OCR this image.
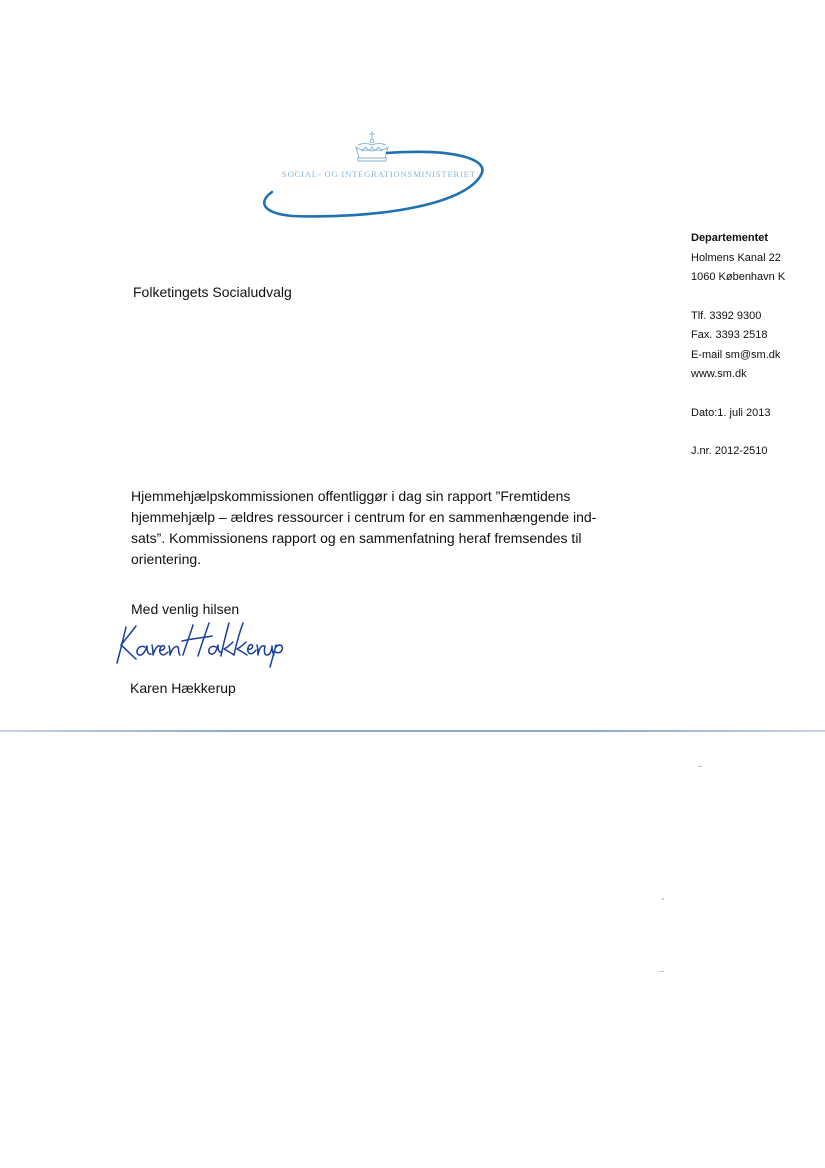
SOCIAL- OG INTEGRATIONSMINISTERIET
Departementet
Holmens Kanal 22
1060 København K
Tlf. 3392 9300
Fax. 3393 2518
E-mail sm@sm.dk
www.sm.dk
Dato:1. juli 2013
J.nr. 2012-2510
Folketingets Socialudvalg
Hjemmehjælpskommissionen offentliggør i dag sin rapport ”Fremtidens
hjemmehjælp – ældres ressourcer i centrum for en sammenhængende ind-
sats”. Kommissionens rapport og en sammenfatning heraf fremsendes til
orientering.
Med venlig hilsen
Karen Hækkerup
